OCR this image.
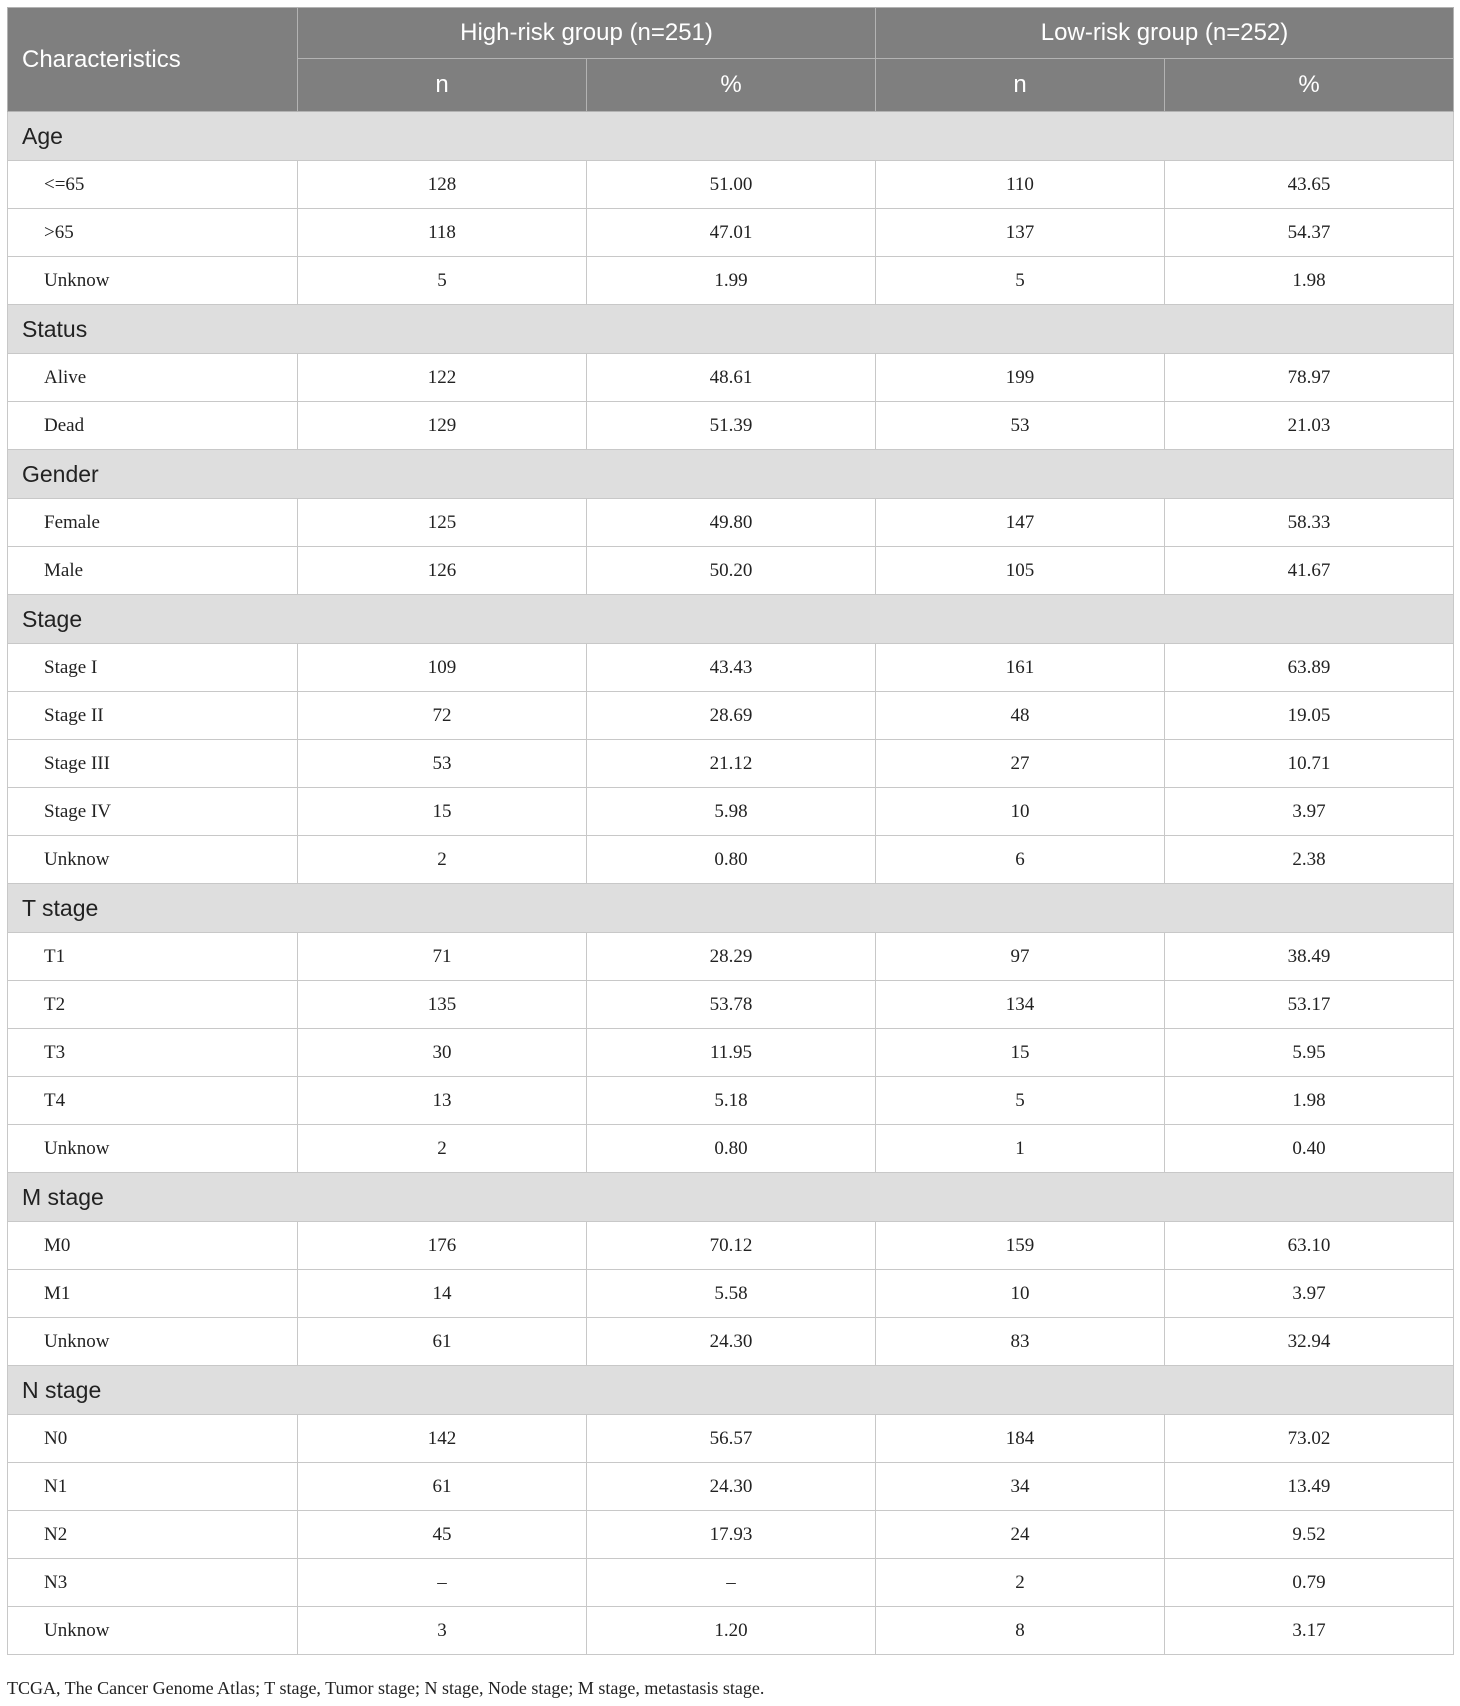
Characteristics	High-risk group (n=251)		Low-risk group (n=252)	
	n	%	n	%
Age				
<=65	128	51.00	110	43.65
>65	118	47.01	137	54.37
Unknow	5	1.99	5	1.98
Status				
Alive	122	48.61	199	78.97
Dead	129	51.39	53	21.03
Gender				
Female	125	49.80	147	58.33
Male	126	50.20	105	41.67
Stage				
Stage I	109	43.43	161	63.89
Stage II	72	28.69	48	19.05
Stage III	53	21.12	27	10.71
Stage IV	15	5.98	10	3.97
Unknow	2	0.80	6	2.38
T stage				
T1	71	28.29	97	38.49
T2	135	53.78	134	53.17
T3	30	11.95	15	5.95
T4	13	5.18	5	1.98
Unknow	2	0.80	1	0.40
M stage				
M0	176	70.12	159	63.10
M1	14	5.58	10	3.97
Unknow	61	24.30	83	32.94
N stage				
N0	142	56.57	184	73.02
N1	61	24.30	34	13.49
N2	45	17.93	24	9.52
N3	–	–	2	0.79
Unknow	3	1.20	8	3.17
TCGA, The Cancer Genome Atlas; T stage, Tumor stage; N stage, Node stage; M stage, metastasis stage.
